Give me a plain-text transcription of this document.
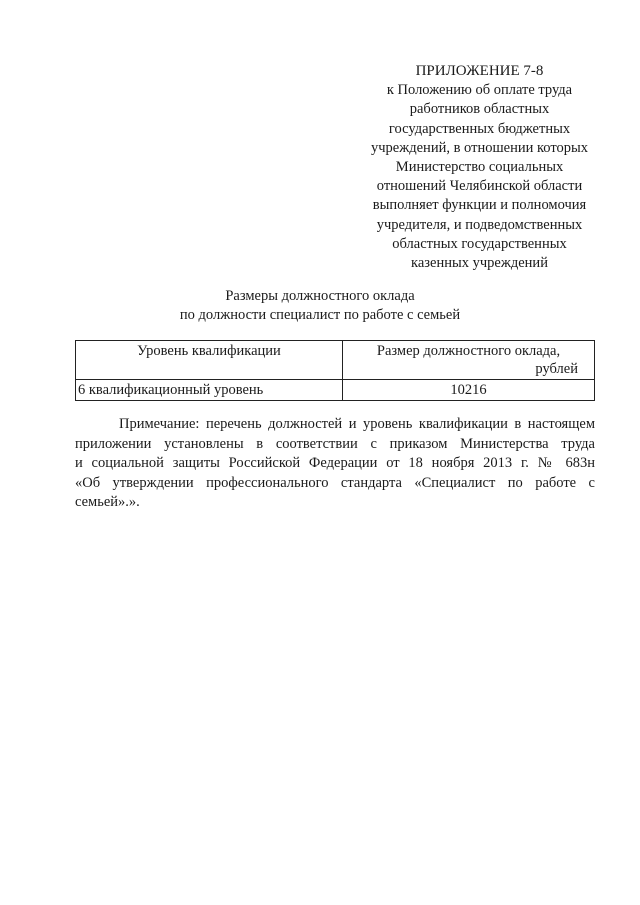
ПРИЛОЖЕНИЕ 7-8
к Положению об оплате труда
работников областных
государственных бюджетных
учреждений, в отношении которых
Министерство социальных
отношений Челябинской области
выполняет функции и полномочия
учредителя, и подведомственных
областных государственных
казенных учреждений
Размеры должностного оклада
по должности специалист по работе с семьей
Уровень квалификации	Размер должностного оклада,
рублей

6 квалификационный уровень	10216
Примечание: перечень должностей и уровень квалификации в настоящем
приложении установлены в соответствии с приказом Министерства труда
и социальной защиты Российской Федерации от 18 ноября 2013 г. № 683н
«Об утверждении профессионального стандарта «Специалист по работе с
семьей».».
